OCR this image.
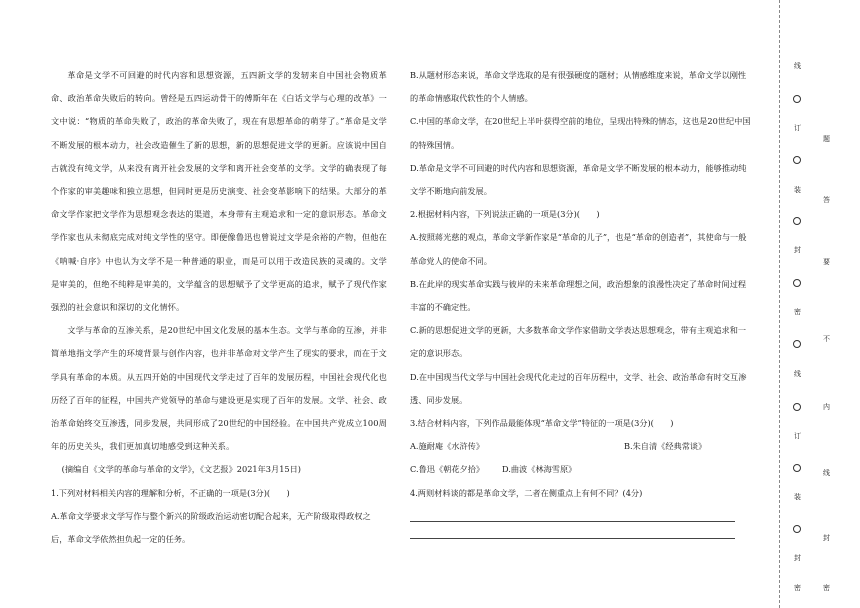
革命是文学不可回避的时代内容和思想资源，五四新文学的发轫来自中国社会物质革命、政治革命失败后的转向。曾经是五四运动骨干的傅斯年在《白话文学与心理的改革》一文中说：“物质的革命失败了，政治的革命失败了，现在有思想革命的萌芽了。”革命是文学不断发展的根本动力，社会改造催生了新的思想，新的思想促进文学的更新。应该说中国自古就没有纯文学，从来没有离开社会发展的文学和离开社会变革的文学。文学的确表现了每个作家的审美趣味和独立思想，但同时更是历史演变、社会变革影响下的结果。大部分的革命文学作家把文学作为思想观念表达的渠道，本身带有主观追求和一定的意识形态。革命文学作家也从未彻底完成对纯文学性的坚守。即便像鲁迅也曾说过文学是余裕的产物，但他在《呐喊·自序》中也认为文学不是一种普通的职业，而是可以用于改造民族的灵魂的。文学是审美的，但绝不纯粹是审美的，文学蕴含的思想赋予了文学更高的追求，赋予了现代作家强烈的社会意识和深切的文化情怀。

文学与革命的互渗关系，是20世纪中国文化发展的基本生态。文学与革命的互渗，并非简单地指文学产生的环境背景与创作内容，也并非革命对文学产生了现实的要求，而在于文学具有革命的本质。从五四开始的中国现代文学走过了百年的发展历程，中国社会现代化也历经了百年的征程，中国共产党领导的革命与建设更是实现了百年的发展。文学、社会、政治革命始终交互渗透，同步发展，共同形成了20世纪的中国经验。在中国共产党成立100周年的历史关头，我们更加真切地感受到这种关系。

(摘编自《文学的革命与革命的文学》，《文艺报》2021年3月15日)

1.下列对材料相关内容的理解和分析，不正确的一项是(3分)(　　)

A.革命文学要求文学写作与整个新兴的阶级政治运动密切配合起来，无产阶级取得政权之

后，革命文学依然担负起一定的任务。

B.从题材形态来说，革命文学选取的是有很强硬度的题材；从情感维度来说，革命文学以刚性的革命情感取代软性的个人情感。

C.中国的革命文学，在20世纪上半叶获得空前的地位，呈现出特殊的情态，这也是20世纪中国的特殊国情。

D.革命是文学不可回避的时代内容和思想资源，革命是文学不断发展的根本动力，能够推动纯文学不断地向前发展。

2.根据材料内容，下列说法正确的一项是(3分)(　　)

A.按照蒋光慈的观点，革命文学新作家是“革命的儿子”，也是“革命的创造者”，其使命与一般革命党人的使命不同。

B.在此岸的现实革命实践与彼岸的未来革命理想之间，政治想象的浪漫性决定了革命时间过程丰富的不确定性。

C.新的思想促进文学的更新，大多数革命文学作家借助文学表达思想观念，带有主观追求和一定的意识形态。

D.在中国现当代文学与中国社会现代化走过的百年历程中，文学、社会、政治革命有时交互渗透、同步发展。

3.结合材料内容，下列作品最能体现“革命文学”特征的一项是(3分)(　　)

A.施耐庵《水浒传》	B.朱自清《经典常谈》
C.鲁迅《朝花夕拾》	D.曲波《林海雪原》

4.两则材料谈的都是革命文学，二者在侧重点上有何不同？(4分)

线
订
装
封
密
线
订
装
封
密
题
答
要
不
内
线
封
密
